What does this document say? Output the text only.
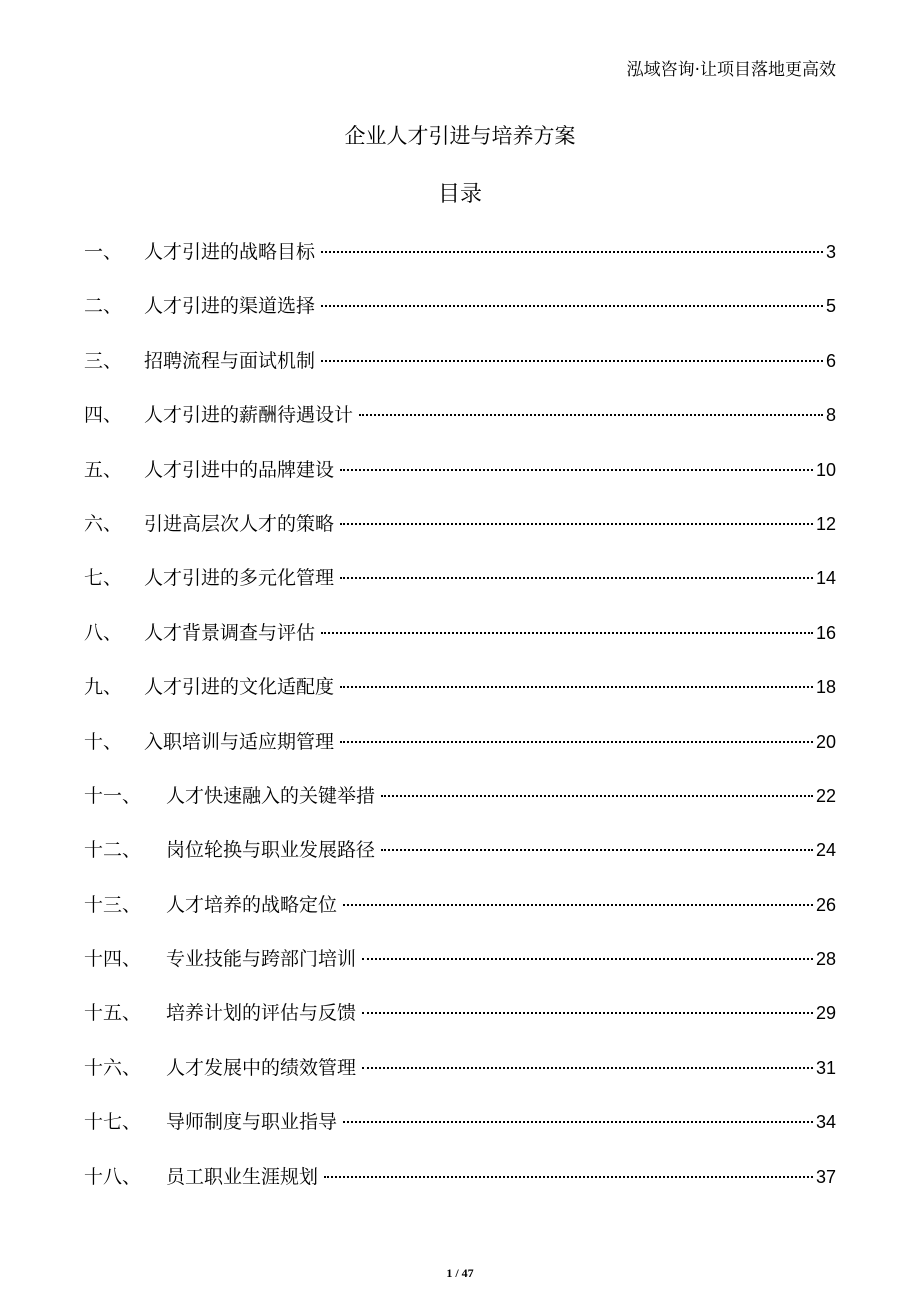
泓域咨询·让项目落地更高效
企业人才引进与培养方案
目录
一、	人才引进的战略目标	3
二、	人才引进的渠道选择	5
三、	招聘流程与面试机制	6
四、	人才引进的薪酬待遇设计	8
五、	人才引进中的品牌建设	10
六、	引进高层次人才的策略	12
七、	人才引进的多元化管理	14
八、	人才背景调查与评估	16
九、	人才引进的文化适配度	18
十、	入职培训与适应期管理	20
十一、	人才快速融入的关键举措	22
十二、	岗位轮换与职业发展路径	24
十三、	人才培养的战略定位	26
十四、	专业技能与跨部门培训	28
十五、	培养计划的评估与反馈	29
十六、	人才发展中的绩效管理	31
十七、	导师制度与职业指导	34
十八、	员工职业生涯规划	37
1 / 47
